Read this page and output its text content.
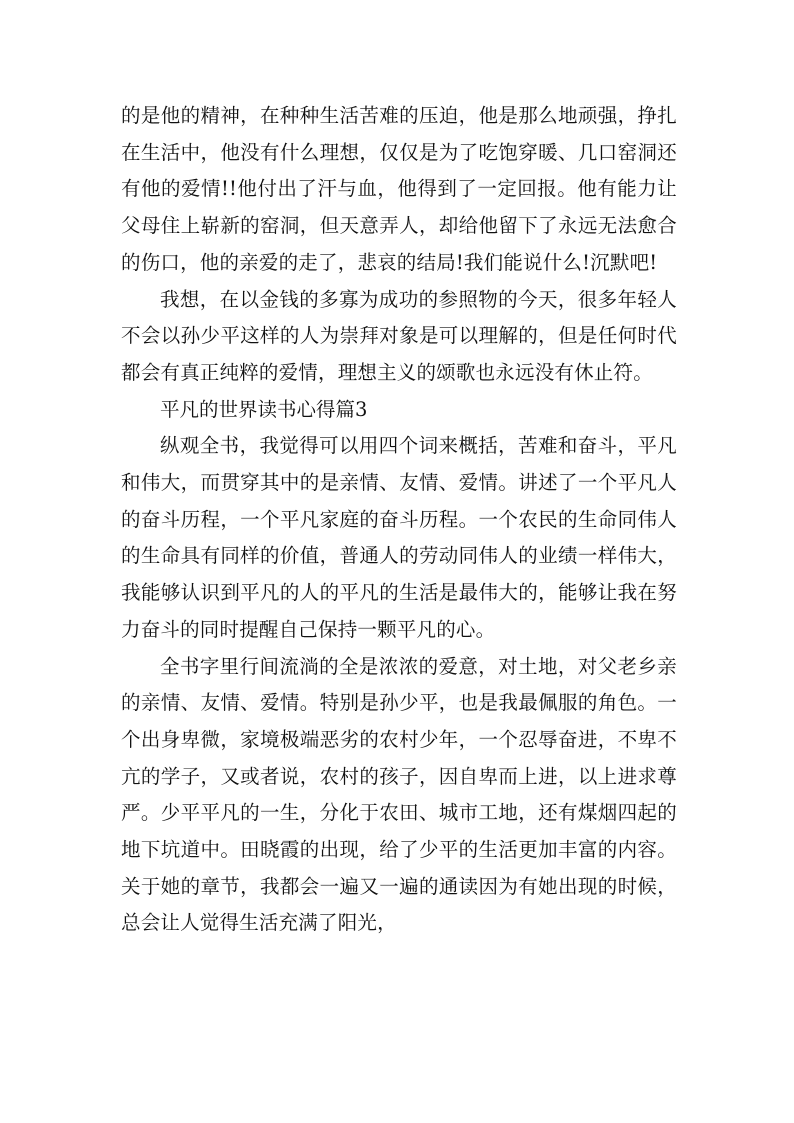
的是他的精神，在种种生活苦难的压迫，他是那么地顽强，挣扎在生活中，他没有什么理想，仅仅是为了吃饱穿暖、几口窑洞还有他的爱情!!他付出了汗与血，他得到了一定回报。他有能力让父母住上崭新的窑洞，但天意弄人，却给他留下了永远无法愈合的伤口，他的亲爱的走了，悲哀的结局!我们能说什么!沉默吧!

我想，在以金钱的多寡为成功的参照物的今天，很多年轻人不会以孙少平这样的人为崇拜对象是可以理解的，但是任何时代都会有真正纯粹的爱情，理想主义的颂歌也永远没有休止符。

平凡的世界读书心得篇3

纵观全书，我觉得可以用四个词来概括，苦难和奋斗，平凡和伟大，而贯穿其中的是亲情、友情、爱情。讲述了一个平凡人的奋斗历程，一个平凡家庭的奋斗历程。一个农民的生命同伟人的生命具有同样的价值，普通人的劳动同伟人的业绩一样伟大，我能够认识到平凡的人的平凡的生活是最伟大的，能够让我在努力奋斗的同时提醒自己保持一颗平凡的心。

全书字里行间流淌的全是浓浓的爱意，对土地，对父老乡亲的亲情、友情、爱情。特别是孙少平，也是我最佩服的角色。一个出身卑微，家境极端恶劣的农村少年，一个忍辱奋进，不卑不亢的学子，又或者说，农村的孩子，因自卑而上进，以上进求尊严。少平平凡的一生，分化于农田、城市工地，还有煤烟四起的地下坑道中。田晓霞的出现，给了少平的生活更加丰富的内容。关于她的章节，我都会一遍又一遍的通读因为有她出现的时候，总会让人觉得生活充满了阳光，
